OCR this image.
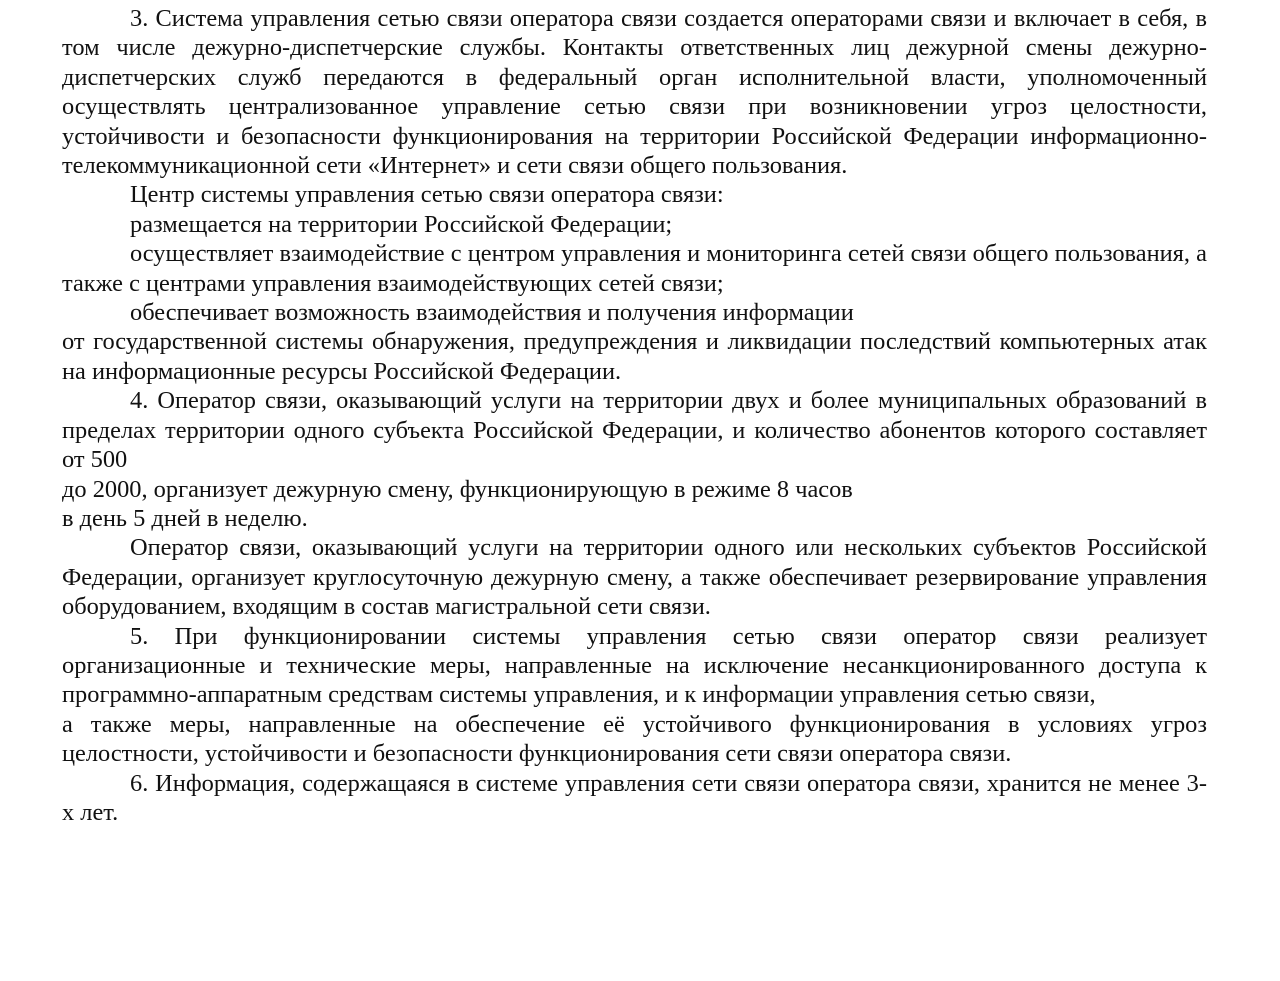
3. Система управления сетью связи оператора связи создается операторами связи и включает в себя, в том числе дежурно-диспетчерские службы. Контакты ответственных лиц дежурной смены дежурно-диспетчерских служб передаются в федеральный орган исполнительной власти, уполномоченный осуществлять централизованное управление сетью связи при возникновении угроз целостности, устойчивости и безопасности функционирования на территории Российской Федерации информационно-телекоммуникационной сети «Интернет» и сети связи общего пользования.

Центр системы управления сетью связи оператора связи:

размещается на территории Российской Федерации;

осуществляет взаимодействие с центром управления и мониторинга сетей связи общего пользования, а также с центрами управления взаимодействующих сетей связи;

обеспечивает возможность взаимодействия и получения информации

от государственной системы обнаружения, предупреждения и ликвидации последствий компьютерных атак на информационные ресурсы Российской Федерации.

4. Оператор связи, оказывающий услуги на территории двух и более муниципальных образований в пределах территории одного субъекта Российской Федерации, и количество абонентов которого составляет от 500

до 2000, организует дежурную смену, функционирующую в режиме 8 часов

в день 5 дней в неделю.

Оператор связи, оказывающий услуги на территории одного или нескольких субъектов Российской Федерации, организует круглосуточную дежурную смену, а также обеспечивает резервирование управления оборудованием, входящим в состав магистральной сети связи.

5. При функционировании системы управления сетью связи оператор связи реализует организационные и технические меры, направленные на исключение несанкционированного доступа к программно-аппаратным средствам системы управления, и к информации управления сетью связи,

а также меры, направленные на обеспечение её устойчивого функционирования в условиях угроз целостности, устойчивости и безопасности функционирования сети связи оператора связи.

6. Информация, содержащаяся в системе управления сети связи оператора связи, хранится не менее 3-х лет.
